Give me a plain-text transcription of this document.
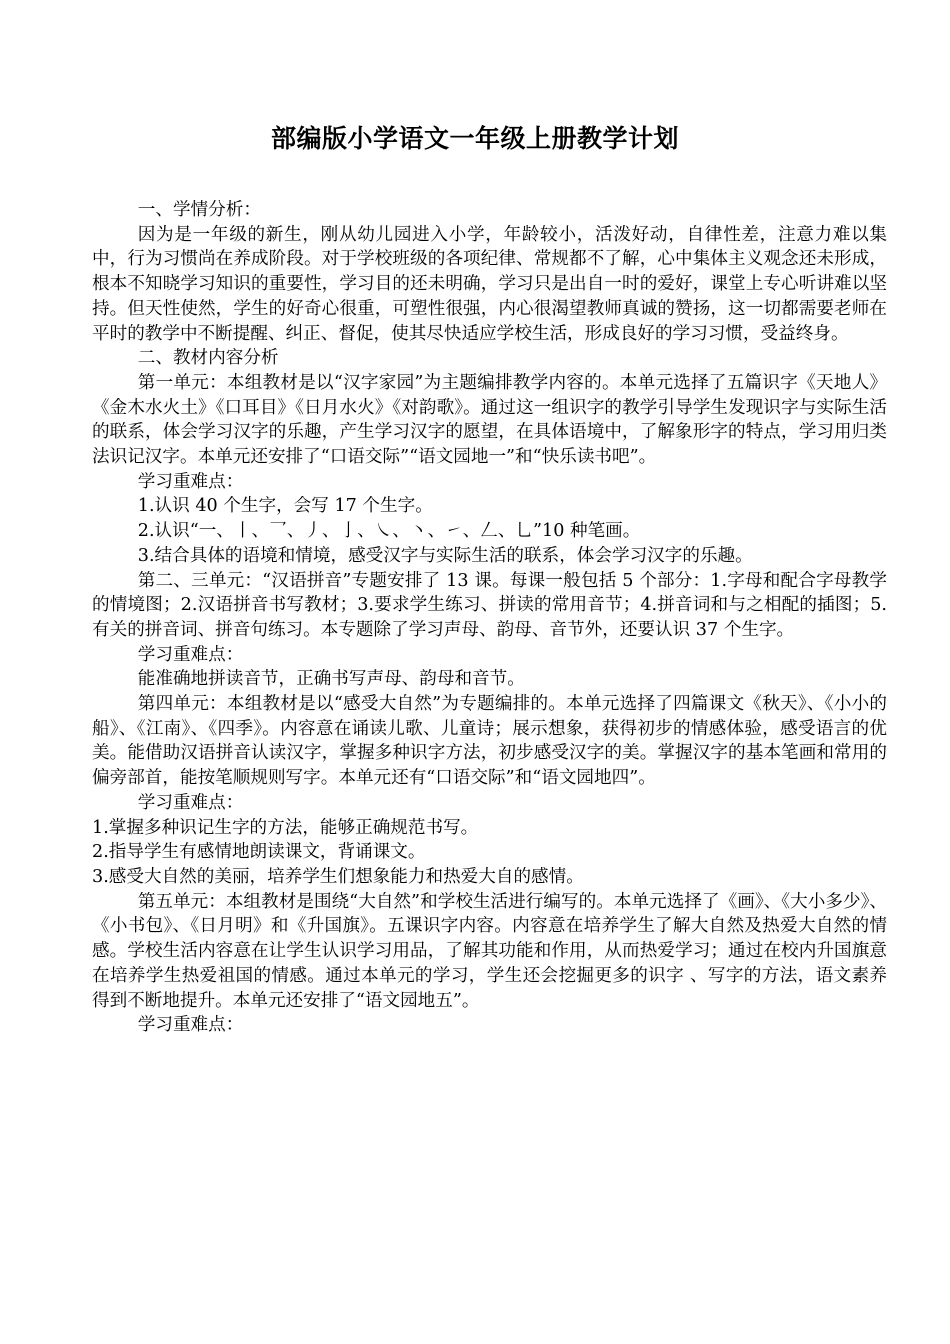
部编版小学语文一年级上册教学计划

一、学情分析：

因为是一年级的新生，刚从幼儿园进入小学，年龄较小，活泼好动，自律性差，注意力难以集中，行为习惯尚在养成阶段。对于学校班级的各项纪律、常规都不了解，心中集体主义观念还未形成，根本不知晓学习知识的重要性，学习目的还未明确，学习只是出自一时的爱好，课堂上专心听讲难以坚持。但天性使然，学生的好奇心很重，可塑性很强，内心很渴望教师真诚的赞扬，这一切都需要老师在平时的教学中不断提醒、纠正、督促，使其尽快适应学校生活，形成良好的学习习惯，受益终身。

二、教材内容分析

第一单元：本组教材是以“汉字家园”为主题编排教学内容的。本单元选择了五篇识字《天地人》《金木水火土》《口耳目》《日月水火》《对韵歌》。通过这一组识字的教学引导学生发现识字与实际生活的联系，体会学习汉字的乐趣，产生学习汉字的愿望，在具体语境中，了解象形字的特点，学习用归类法识记汉字。本单元还安排了“口语交际”“语文园地一”和“快乐读书吧”。

学习重难点：

1.认识 40 个生字，会写 17 个生字。

2.认识“一、丨、乛、丿、亅、㇏、丶、㇀、𠃋、乚”10 种笔画。

3.结合具体的语境和情境，感受汉字与实际生活的联系，体会学习汉字的乐趣。

第二、三单元：“汉语拼音”专题安排了 13 课。每课一般包括 5 个部分：1.字母和配合字母教学的情境图；2.汉语拼音书写教材；3.要求学生练习、拼读的常用音节；4.拼音词和与之相配的插图；5.有关的拼音词、拼音句练习。本专题除了学习声母、韵母、音节外，还要认识 37 个生字。

学习重难点：

能准确地拼读音节，正确书写声母、韵母和音节。

第四单元：本组教材是以“感受大自然”为专题编排的。本单元选择了四篇课文《秋天》、《小小的船》、《江南》、《四季》。内容意在诵读儿歌、儿童诗；展示想象，获得初步的情感体验，感受语言的优美。能借助汉语拼音认读汉字，掌握多种识字方法，初步感受汉字的美。掌握汉字的基本笔画和常用的偏旁部首，能按笔顺规则写字。本单元还有“口语交际”和“语文园地四”。

学习重难点：

1.掌握多种识记生字的方法，能够正确规范书写。

2.指导学生有感情地朗读课文，背诵课文。

3.感受大自然的美丽，培养学生们想象能力和热爱大自的感情。

第五单元：本组教材是围绕“大自然”和学校生活进行编写的。本单元选择了《画》、《大小多少》、《小书包》、《日月明》和《升国旗》。五课识字内容。内容意在培养学生了解大自然及热爱大自然的情感。学校生活内容意在让学生认识学习用品，了解其功能和作用，从而热爱学习；通过在校内升国旗意在培养学生热爱祖国的情感。通过本单元的学习，学生还会挖掘更多的识字 、写字的方法，语文素养得到不断地提升。本单元还安排了“语文园地五”。

学习重难点：
